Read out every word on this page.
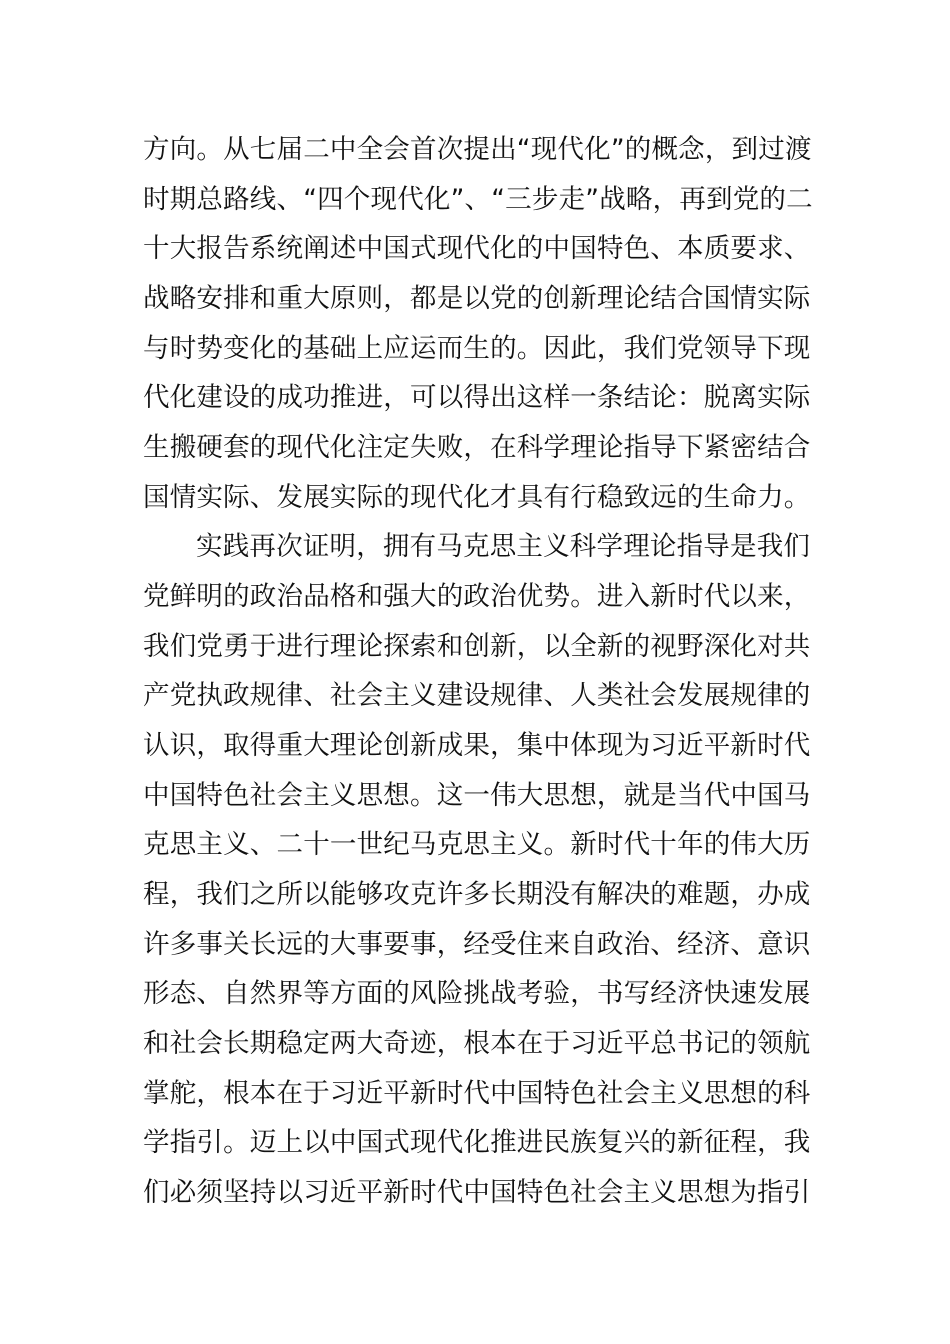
方向。从七届二中全会首次提出“现代化”的概念，到过渡
时期总路线、“四个现代化”、“三步走”战略，再到党的二
十大报告系统阐述中国式现代化的中国特色、本质要求、
战略安排和重大原则，都是以党的创新理论结合国情实际
与时势变化的基础上应运而生的。因此，我们党领导下现
代化建设的成功推进，可以得出这样一条结论：脱离实际
生搬硬套的现代化注定失败，在科学理论指导下紧密结合
国情实际、发展实际的现代化才具有行稳致远的生命力。
实践再次证明，拥有马克思主义科学理论指导是我们
党鲜明的政治品格和强大的政治优势。进入新时代以来，
我们党勇于进行理论探索和创新，以全新的视野深化对共
产党执政规律、社会主义建设规律、人类社会发展规律的
认识，取得重大理论创新成果，集中体现为习近平新时代
中国特色社会主义思想。这一伟大思想，就是当代中国马
克思主义、二十一世纪马克思主义。新时代十年的伟大历
程，我们之所以能够攻克许多长期没有解决的难题，办成
许多事关长远的大事要事，经受住来自政治、经济、意识
形态、自然界等方面的风险挑战考验，书写经济快速发展
和社会长期稳定两大奇迹，根本在于习近平总书记的领航
掌舵，根本在于习近平新时代中国特色社会主义思想的科
学指引。迈上以中国式现代化推进民族复兴的新征程，我
们必须坚持以习近平新时代中国特色社会主义思想为指引
